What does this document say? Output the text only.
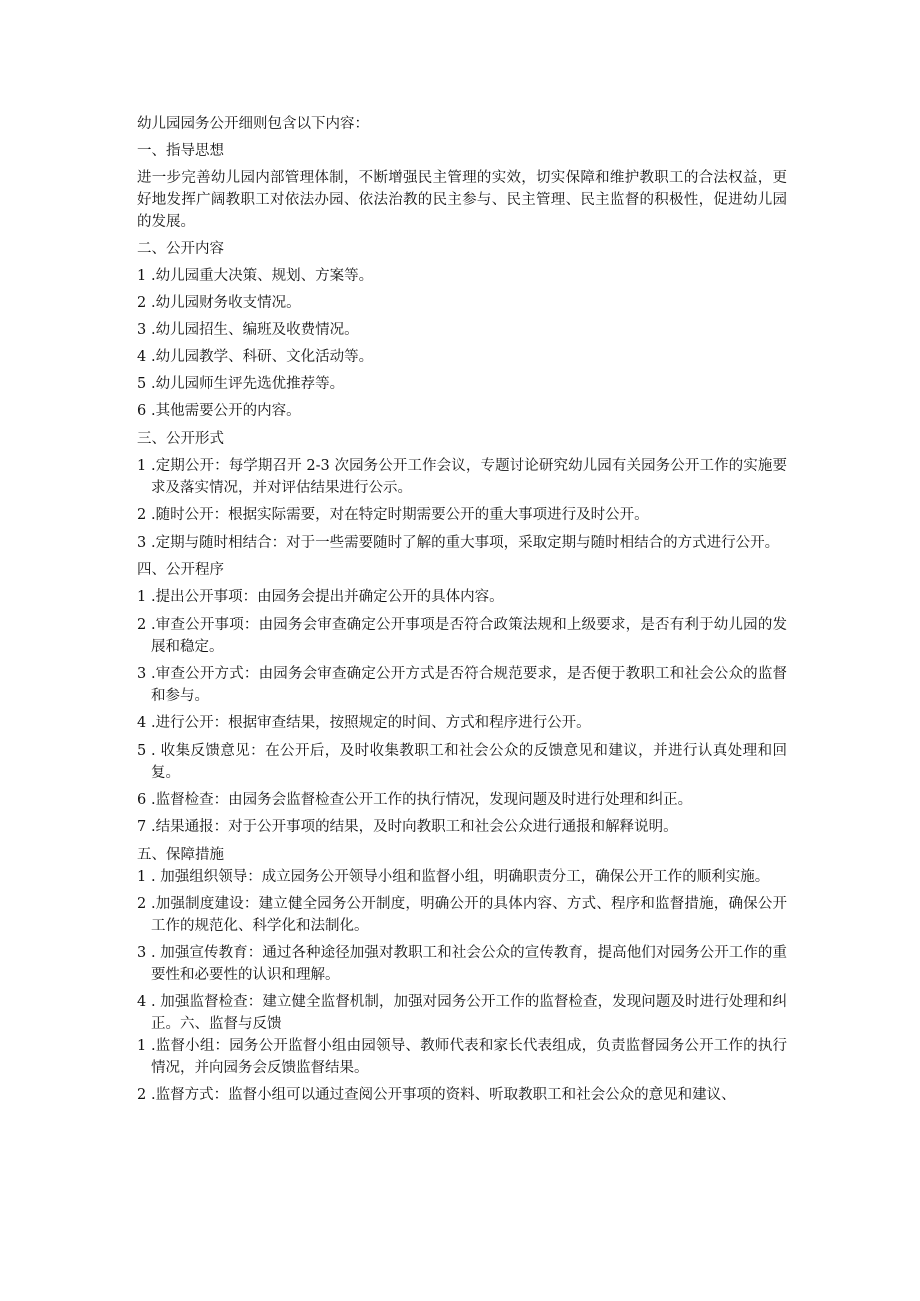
幼儿园园务公开细则包含以下内容：
一、指导思想
进一步完善幼儿园内部管理体制，不断增强民主管理的实效，切实保障和维护教职工的合法权益，更好地发挥广阔教职工对依法办园、依法治教的民主参与、民主管理、民主监督的积极性，促进幼儿园的发展。
二、公开内容
1 .幼儿园重大决策、规划、方案等。
2 .幼儿园财务收支情况。
3 .幼儿园招生、编班及收费情况。
4 .幼儿园教学、科研、文化活动等。
5 .幼儿园师生评先选优推荐等。
6 .其他需要公开的内容。
三、公开形式
1 .定期公开：每学期召开 2-3 次园务公开工作会议，专题讨论研究幼儿园有关园务公开工作的实施要求及落实情况，并对评估结果进行公示。
2 .随时公开：根据实际需要，对在特定时期需要公开的重大事项进行及时公开。
3 .定期与随时相结合：对于一些需要随时了解的重大事项，采取定期与随时相结合的方式进行公开。
四、公开程序
1 .提出公开事项：由园务会提出并确定公开的具体内容。
2 .审查公开事项：由园务会审查确定公开事项是否符合政策法规和上级要求，是否有利于幼儿园的发展和稳定。
3 .审查公开方式：由园务会审查确定公开方式是否符合规范要求，是否便于教职工和社会公众的监督和参与。
4 .进行公开：根据审查结果，按照规定的时间、方式和程序进行公开。
5 . 收集反馈意见：在公开后，及时收集教职工和社会公众的反馈意见和建议，并进行认真处理和回复。
6 .监督检查：由园务会监督检查公开工作的执行情况，发现问题及时进行处理和纠正。
7 .结果通报：对于公开事项的结果，及时向教职工和社会公众进行通报和解释说明。
五、保障措施
1 . 加强组织领导：成立园务公开领导小组和监督小组，明确职责分工，确保公开工作的顺利实施。
2 .加强制度建设：建立健全园务公开制度，明确公开的具体内容、方式、程序和监督措施，确保公开工作的规范化、科学化和法制化。
3 . 加强宣传教育：通过各种途径加强对教职工和社会公众的宣传教育，提高他们对园务公开工作的重要性和必要性的认识和理解。
4 . 加强监督检查：建立健全监督机制，加强对园务公开工作的监督检查，发现问题及时进行处理和纠正。六、监督与反馈
1 .监督小组：园务公开监督小组由园领导、教师代表和家长代表组成，负责监督园务公开工作的执行情况，并向园务会反馈监督结果。
2 .监督方式：监督小组可以通过查阅公开事项的资料、听取教职工和社会公众的意见和建议、
